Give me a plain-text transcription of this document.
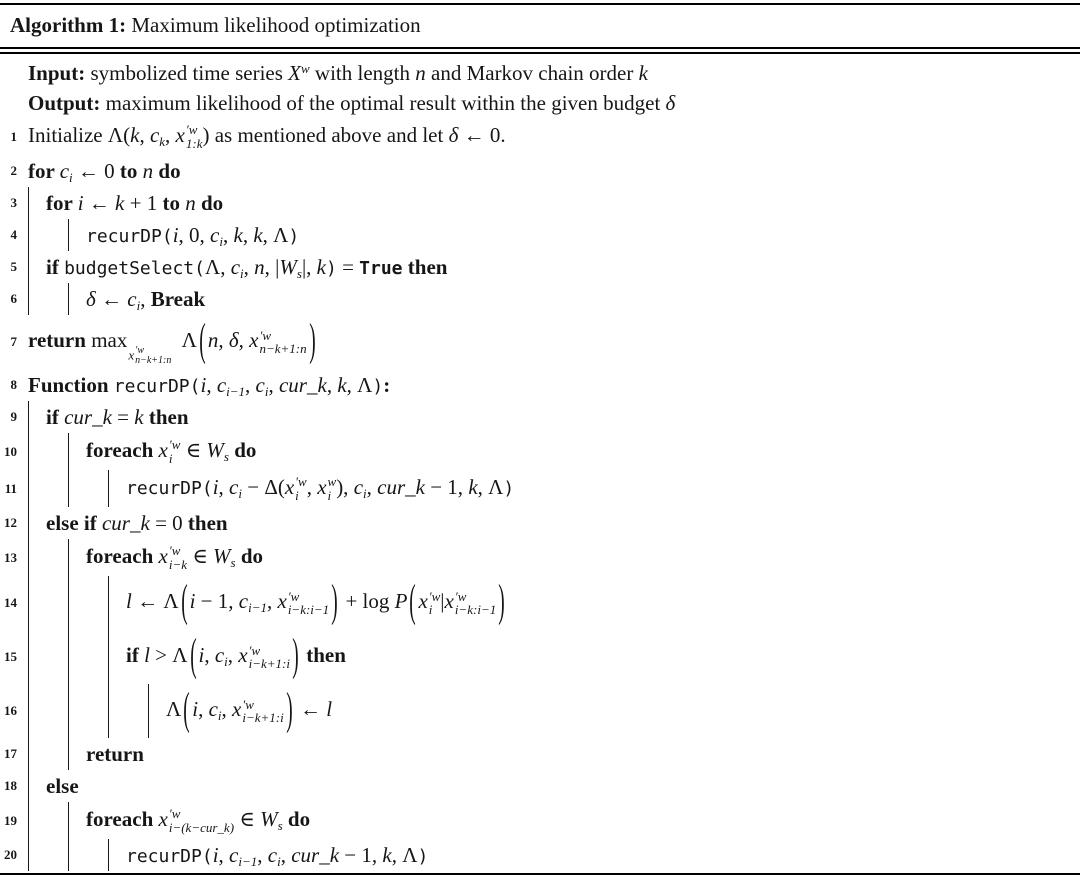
Algorithm 1: Maximum likelihood optimization
Input: symbolized time series $X^w$ with length n and Markov chain order k
Output: maximum likelihood of the optimal result within the given budget δ
1 Initialize Λ(k, $c_k$, x ′w
1:k ) as mentioned above and let δ ← 0.
2 for $c_i$ ← 0 to n do
3 for i ← k + 1 to n do
4	recurDP(i, 0, $c_i$, k, k, Λ)
5 if budgetSelect(Λ, $c_i$, n, $|W_s|$, k) = True then
6	δ ← $c_i$, Break
7 return maxx ′w
n−k+1:n
Λ ( n, δ, x ′w
n−k+1:n )
8 Function recurDP(i, $c_{i-1}$, $c_i$, cur_k, k, Λ):
9 if cur_k = k then
10	foreach x ′w
i ∈ $W_s$ do
11	recurDP(i, $c_i - \Delta(x$ ′w
i , x w
i ), $c_i$, cur_k − 1, k, Λ)
12 else if cur_k = 0 then
13	foreach x ′w
i−k ∈ $W_s$ do
14	l ← Λ ( i − 1, $c_{i-1}$, x ′w
i−k:i−1 ) + log P ( x ′w
i |x ′w
i−k:i−1 )
15	if l > Λ ( i, $c_i$, x ′w
i−k+1:i ) then
16	Λ ( i, $c_i$, x ′w
i−k+1:i ) ← l
17	return
18 else
19	foreach x ′w
i−(k−cur_k) ∈ $W_s$ do
20	recurDP(i, $c_{i-1}$, $c_i$, cur_k − 1, k, Λ)
